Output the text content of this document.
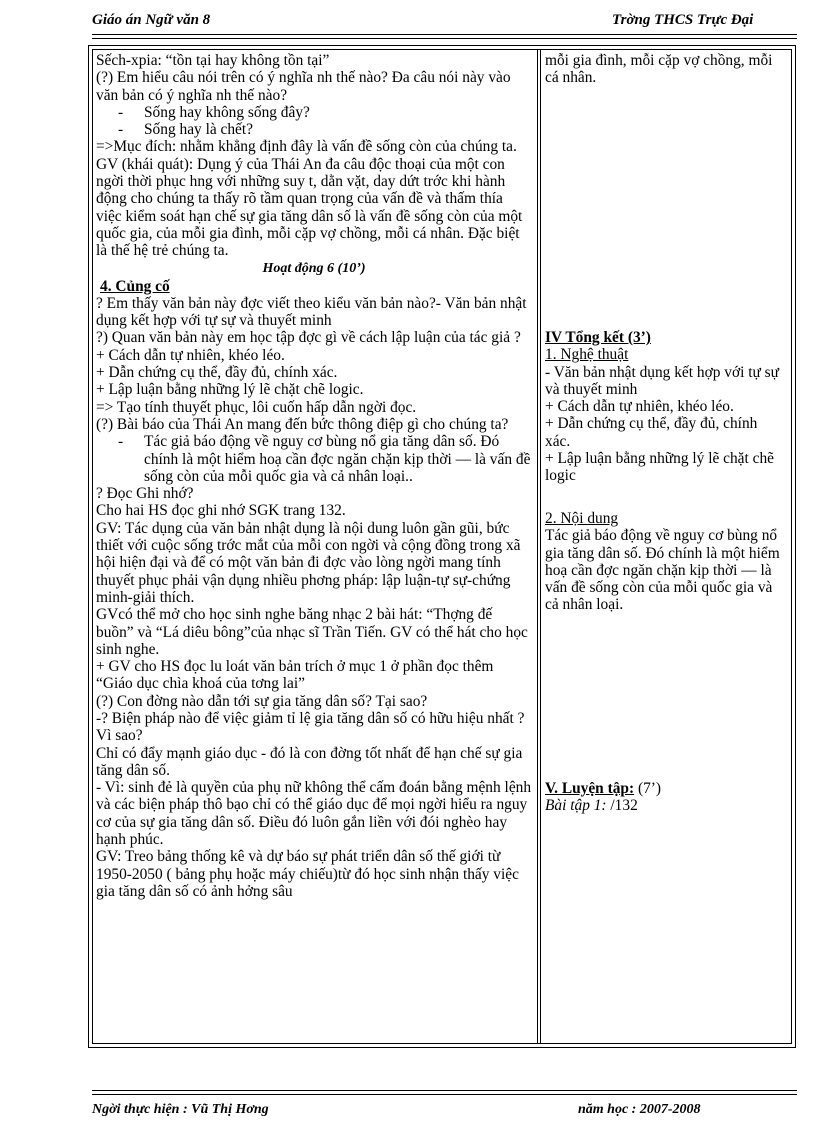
Giáo án Ngữ văn 8	Trờng THCS Trực Đại

Sếch-xpia: “tồn tại hay không tồn tại”

(?) Em hiểu câu nói trên có ý nghĩa nh thế nào? Đa câu nói này vào văn bản có ý nghĩa nh thế nào?

- Sống hay không sống đây?

- Sống hay là chết?

=>Mục đích: nhằm khẳng định đây là vấn đề sống còn của chúng ta.

GV (khái quát): Dụng ý của Thái An đa câu độc thoại của một con ngời thời phục hng với những suy t, dằn vặt, day dứt trớc khi hành động cho chúng ta thấy rõ tầm quan trọng của vấn đề và thấm thía việc kiểm soát hạn chế sự gia tăng dân số là vấn đề sống còn của một quốc gia, của mỗi gia đình, mỗi cặp vợ chồng, mỗi cá nhân. Đặc biệt là thế hệ trẻ chúng ta.

Hoạt động 6 (10’)

4. Củng cố

? Em thấy văn bản này đợc viết theo kiểu văn bản nào?- Văn bản nhật dụng kết hợp với tự sự và thuyết minh

?) Quan văn bản này em học tập đợc gì về cách lập luận của tác giả ?

+ Cách dẫn tự nhiên, khéo léo.

+ Dẫn chứng cụ thể, đầy đủ, chính xác.

+ Lập luận bằng những lý lẽ chặt chẽ logic.

=> Tạo tính thuyết phục, lôi cuốn hấp dẫn ngời đọc.

(?) Bài báo của Thái An mang đến bức thông điệp gì cho chúng ta?

- Tác giả báo động về nguy cơ bùng nổ gia tăng dân số. Đó chính là một hiểm hoạ cần đợc ngăn chặn kịp thời — là vấn đề sống còn của mỗi quốc gia và cả nhân loại..

? Đọc Ghi nhớ?

Cho hai HS đọc ghi nhớ SGK trang 132.

GV: Tác dụng của văn bản nhật dụng là nội dung luôn gần gũi, bức thiết với cuộc sống trớc mắt của mỗi con ngời và cộng đồng trong xã hội hiện đại và để có một văn bản đi đợc vào lòng ngời mang tính thuyết phục phải vận dụng nhiều phơng pháp: lập luận-tự sự-chứng minh-giải thích.

GVcó thể mở cho học sinh nghe băng nhạc 2 bài hát: “Thợng đế buồn” và “Lá diêu bông”của nhạc sĩ Trần Tiến. GV có thể hát cho học sinh nghe.

+ GV cho HS đọc lu loát văn bản trích ở mục 1 ở phần đọc thêm “Giáo dục chìa khoá của tơng lai”

(?) Con đờng nào dẫn tới sự gia tăng dân số? Tại sao?

-? Biện pháp nào để việc giảm tỉ lệ gia tăng dân số có hữu hiệu nhất ? Vì sao?

Chỉ có đẩy mạnh giáo dục - đó là con đờng tốt nhất để hạn chế sự gia tăng dân số.

- Vì: sinh đẻ là quyền của phụ nữ không thể cấm đoán bằng mệnh lệnh và các biện pháp thô bạo chỉ có thể giáo dục để mọi ngời hiểu ra nguy cơ của sự gia tăng dân số. Điều đó luôn gắn liền với đói nghèo hay hạnh phúc.

GV: Treo bảng thống kê và dự báo sự phát triển dân số thế giới từ 1950-2050 ( bảng phụ hoặc máy chiếu)từ đó học sinh nhận thấy việc gia tăng dân số có ảnh hởng sâu

mỗi gia đình, mỗi cặp vợ chồng, mỗi cá nhân.

IV Tổng kết (3’)

1. Nghệ thuật

- Văn bản nhật dụng kết hợp với tự sự và thuyết minh

+ Cách dẫn tự nhiên, khéo léo.

+ Dẫn chứng cụ thể, đầy đủ, chính xác.

+ Lập luận bằng những lý lẽ chặt chẽ logic

2. Nội dung

Tác giả báo động về nguy cơ bùng nổ gia tăng dân số. Đó chính là một hiểm hoạ cần đợc ngăn chặn kịp thời — là vấn đề sống còn của mỗi quốc gia và cả nhân loại.

V. Luyện tập: (7’)

Bài tập 1: /132

Ngời thực hiện : Vũ Thị Hơng	năm học : 2007-2008
